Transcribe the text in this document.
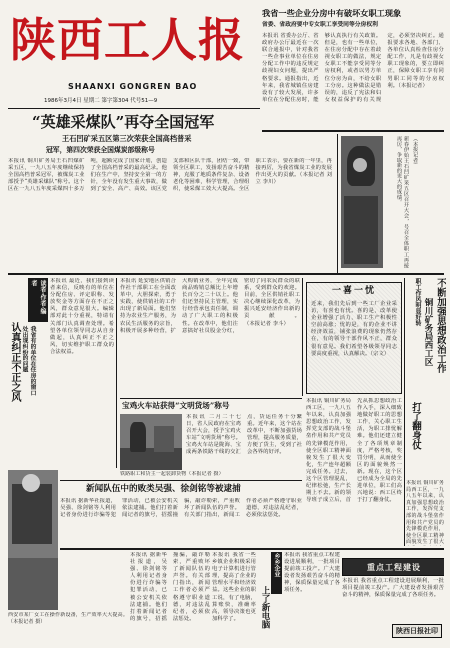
陕西工人报
SHAANXI GONGREN BAO
1986年3月4日 星期二 第字第304 代号51—9
我省一些企业分房中有破坏女职工现象
省委、省政府要中专女职工享受同等分房权利
本报讯 省委办公厅、省政府办公厅最近在一次联合通报中，针对我省一些企事业单位在住房分配工作中的违反规定歧视妇女问题，提出严格要求。通报指出，近年来，我省城镇住房建设有了较大发展，许多单位在分配住房时，能够认真执行有关政策。但是，也有一些单位，在住房分配中存在着歧视女职工的做法，规定女职工不能享受同等分房权利，或者以男方单位分房为由，不给女职工分房。这种做法是错误的，违反了宪法和妇女权益保护的有关规定，必须坚决纠正。通报要求各地、各部门、各单位认真检查住房分配工作，凡是有歧视女职工现象的，要立即纠正，保障女职工享有同男职工同等的分房权利。（本报记者）
“英雄采煤队”再夺全国冠军
王石凹矿采五区第三次荣获全国高档普采
冠军，第四次荣获全国煤炭部级称号
本报讯 铜川矿务局王石凹煤矿采五区，一九八五年度继续保持全国高档普采冠军，被煤炭工业部授予“英雄采煤队”称号。这个区在一九八五年度采煤四十多万吨，超额完成了国家计划，创造了全国高档普采的最高纪录。他们在生产中，坚持安全第一的方针，全年没有发生重大事故，做到了安全、高产、高效。该区党支部和区队干部，团结一致，带领全区职工，发扬艰苦奋斗的精神，克服了地质条件复杂、设备老化等困难，科学管理，合理组织，使采煤工效大大提高。全区职工表示，要在新的一年里，再接再厉，为我省煤炭工业的发展作出更大的贡献。（本报记者 刘立 李川）	新春伊始王石凹矿采五区召开大会，号召全体职工再接再厉，争取新的更大的成绩。	（本报记者）
读者·作者·编者
我省有的单位在住房的窗口处出现纠纷的问题
认真纠正不正之风
本报讯 最近，我们接到读者来信，反映有的单位在分配住房、评定职称、发放奖金等方面存在不正之风，群众意见很大。编辑部对此十分重视，特请有关部门认真调查处理。希望各单位领导同志从自身做起，认真纠正不正之风，切实维护职工群众的合法权益。
本报讯 延安地区供销合作社干部职工在全面改革中，大胆探索，勇于实践，使供销社的工作出现了新局面。他们坚持为农业生产服务，为农民生活服务的宗旨，积极开展多种经营，扩大购销业务，全年完成商品购销总额比上年增长百分之二十以上。他们还坚持民主管理，实行经营承包责任制，调动了广大职工的积极性。在改革中，他们注意搞好社员股金分红，密切了同农民群众的联系，受到群众的欢迎。目前，全区供销社职工决心继续深化改革，为振兴延安经济作出新的贡献。（本报记者 李斗）
一喜一忧
近来，我们先后到一些工厂企业采访，有喜也有忧。喜的是，改革使企业增强了活力，职工生产积极性空前高涨；忧的是，有的企业不讲经济效益，铺张浪费的现象仍然存在，有的领导干部作风不正，群众很有意见。我们希望各级领导同志要高度重视，认真解决。（宗文）	不断加强思想政治工作
铜川矿务局西工区
打了翻身仗
职工作风明显好转
本报讯 铜川矿务局西工区，一九八五年以来，认真加强思想政治工作，发挥党支部的战斗堡垒作用和共产党员的先锋模范作用，使全区职工精神面貌发生了很大
本报讯 铜川矿务局西工区，一九八五年以来，认真加强思想政治工作，发挥党支部的战斗堡垒作用和共产党员的先锋模范作用，使全区职工精神面貌发生了很大变化，生产连年超额完成任务。过去，这个区管理混乱，纪律松弛，生产长期上不去。新的领导班子成立后，首先从抓思想政治工作入手，深入细致地做好职工的思想工作，关心职工生活，为职工排忧解难。他们还建立健全了各项规章制度，严格考核，奖罚分明，从而使全区的面貌焕然一新。现在，这个区已经成为全局的先进单位，职工们高兴地说：西工区终于打了翻身仗。
宝鸡火车站获得“文明货场”称号
本报讯 二月二十七日，省人民政府在宝鸡召开大会，授予宝鸡火车站“文明货场”称号。宝鸡火车站是陇海、宝成两条铁路干线的交汇点，货运任务十分繁重。近年来，这个站在改革中，不断加强货场管理，提高服务质量，方便了货主，受到了社会各界的好评。
铁路职工和货主一起装卸货物（本报记者 摄）
新闻队伍中的败类吴强、徐剑铭等被逮捕
本报讯 据新华社报道，吴强、徐剑铭等人利用记者身份进行诈骗等犯罪活动，已被公安机关依法逮捕。他们打着新闻记者的旗号，招摇撞骗，敲诈勒索，严重败坏了新闻队伍的声誉。有关部门指出，新闻工作者必须严格遵守职业道德，对违法乱纪者，必须依法惩处。
西安市某厂女工在操作新设备，生产效率大大提高。（本报记者 摄）
本报讯 据新华社报道，吴强、徐剑铭等人利用记者身份进行诈骗等犯罪活动，已被公安机关依法逮捕。他们打着新闻记者的旗号，招摇撞骗，敲诈勒索，严重败坏了新闻队伍的声誉。有关部门指出，新闻工作者必须严格遵守职业道德，对违法乱纪者，必须依法惩处。
乡乡企业
上了新电脑
本报讯 我省一些乡镇企业积极采用电子计算机进行管理，提高了企业的管理水平和经济效益。这些企业的职工说，有了电脑，算账快，准确率高，领导决策也更加科学了。
本报讯 我省重点工程建设进展顺利，一批项目提前竣工投产。广大建设者发扬艰苦奋斗的精神，保质保量完成了各项任务。
重点工程建设
本报讯 我省重点工程建设进展顺利，一批项目提前竣工投产。广大建设者发扬艰苦奋斗的精神，保质保量完成了各项任务。
陕西日报社印
